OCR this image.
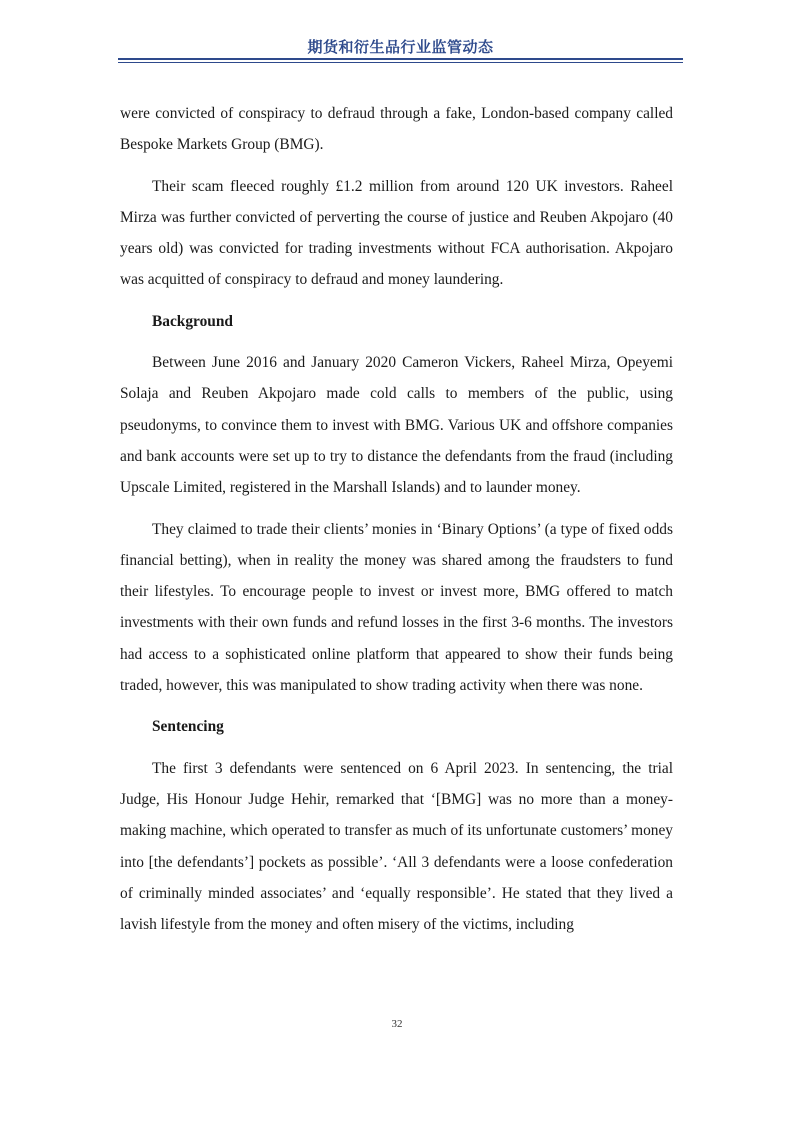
期货和衍生品行业监管动态

were convicted of conspiracy to defraud through a fake, London-based company called Bespoke Markets Group (BMG).

Their scam fleeced roughly £1.2 million from around 120 UK investors. Raheel Mirza was further convicted of perverting the course of justice and Reuben Akpojaro (40 years old) was convicted for trading investments without FCA authorisation. Akpojaro was acquitted of conspiracy to defraud and money laundering.

Background

Between June 2016 and January 2020 Cameron Vickers, Raheel Mirza, Opeyemi Solaja and Reuben Akpojaro made cold calls to members of the public, using pseudonyms, to convince them to invest with BMG. Various UK and offshore companies and bank accounts were set up to try to distance the defendants from the fraud (including Upscale Limited, registered in the Marshall Islands) and to launder money.

They claimed to trade their clients’ monies in ‘Binary Options’ (a type of fixed odds financial betting), when in reality the money was shared among the fraudsters to fund their lifestyles. To encourage people to invest or invest more, BMG offered to match investments with their own funds and refund losses in the first 3-6 months. The investors had access to a sophisticated online platform that appeared to show their funds being traded, however, this was manipulated to show trading activity when there was none.

Sentencing

The first 3 defendants were sentenced on 6 April 2023. In sentencing, the trial Judge, His Honour Judge Hehir, remarked that ‘[BMG] was no more than a money-making machine, which operated to transfer as much of its unfortunate customers’ money into [the defendants’] pockets as possible’. ‘All 3 defendants were a loose confederation of criminally minded associates’ and ‘equally responsible’. He stated that they lived a lavish lifestyle from the money and often misery of the victims, including

32
